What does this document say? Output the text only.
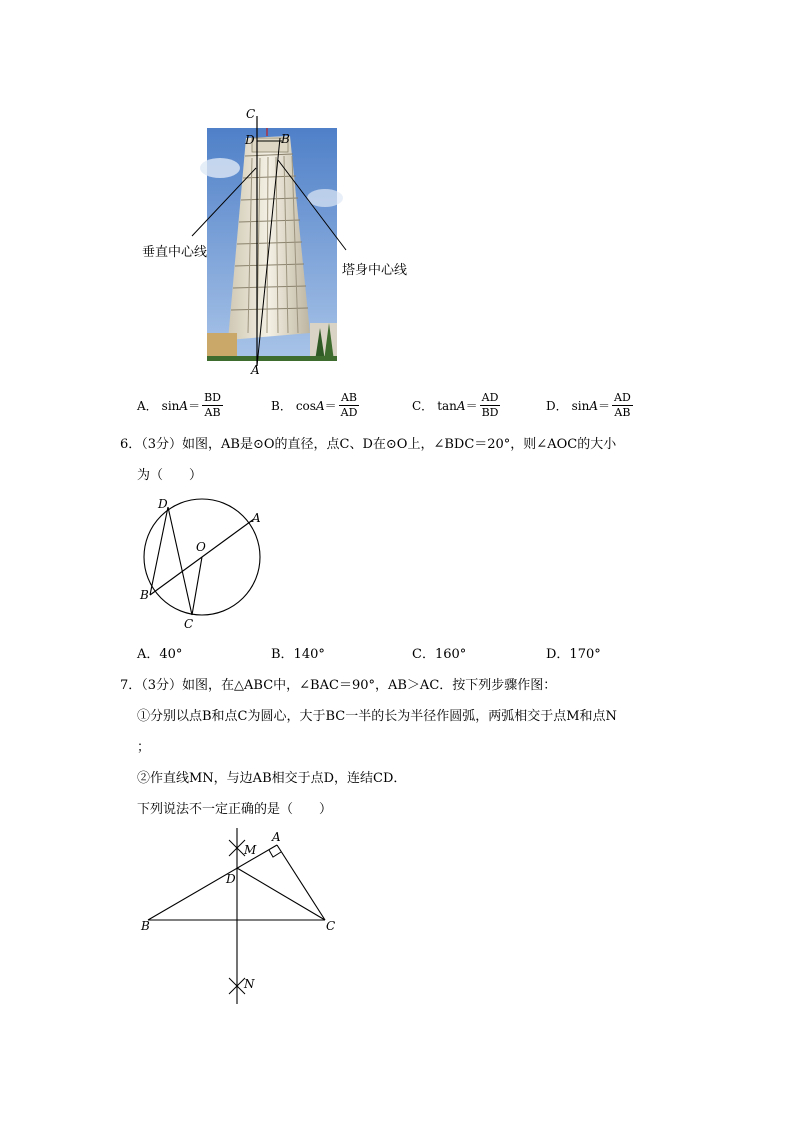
C
D B
A
垂直中心线
塔身中心线
A． $\sin A = \frac{BD}{AB}$	B． $\cos A = \frac{AB}{AD}$	C． $\tan A = \frac{AD}{BD}$	D． $\sin A = \frac{AD}{AB}$
6．（3分）如图，AB是⊙O的直径，点C、D在⊙O上，∠BDC＝20°，则∠AOC的大小
为（　　）
D
A
O
B
C
A．40°	B．140°	C．160°	D．170°
7．（3分）如图，在△ABC中，∠BAC＝90°，AB＞AC．按下列步骤作图：
①分别以点B和点C为圆心，大于BC一半的长为半径作圆弧，两弧相交于点M和点N
；
②作直线MN，与边AB相交于点D，连结CD．
下列说法不一定正确的是（　　）
A
M
D
B	C
N
